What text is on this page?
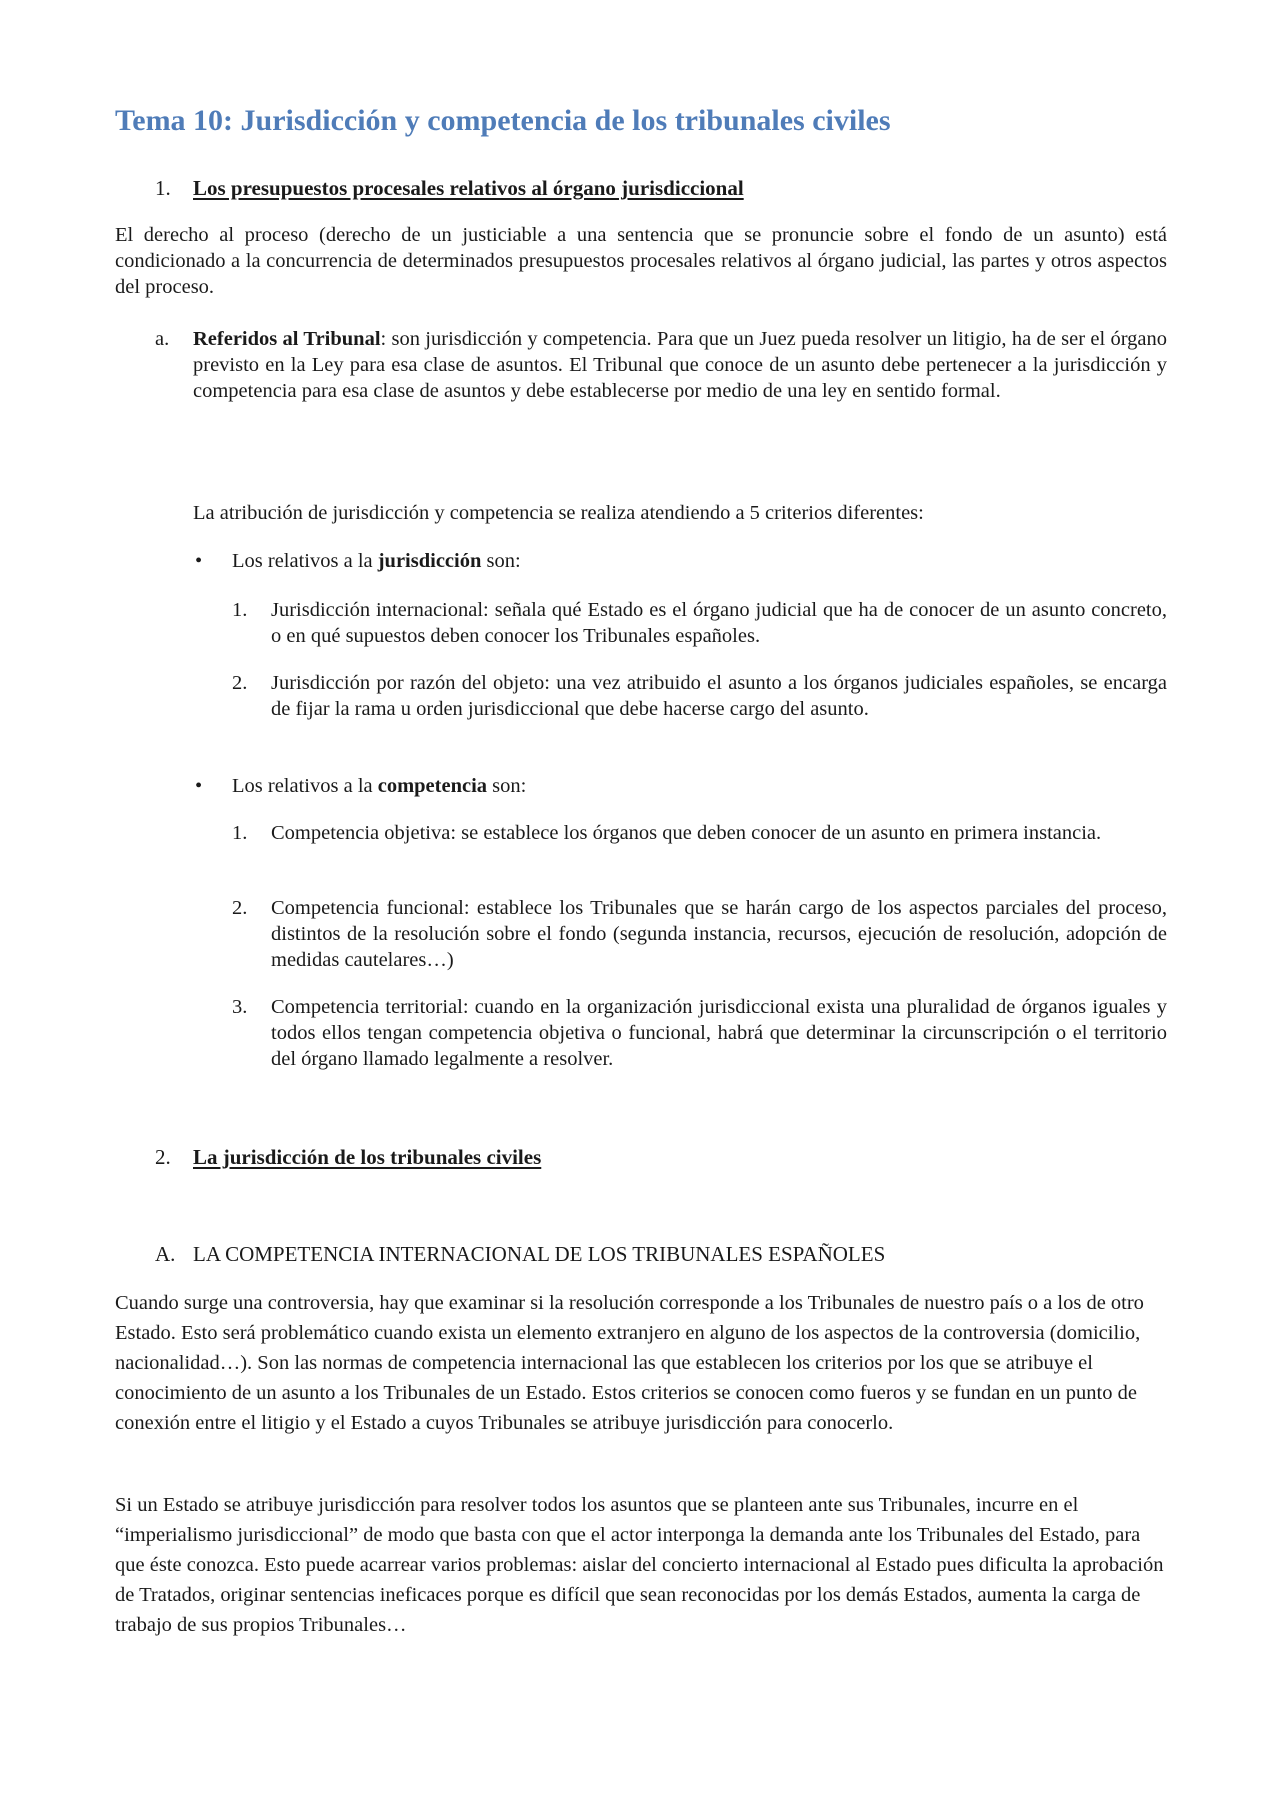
Tema 10: Jurisdicción y competencia de los tribunales civiles
1. Los presupuestos procesales relativos al órgano jurisdiccional

El derecho al proceso (derecho de un justiciable a una sentencia que se pronuncie sobre el fondo de un asunto) está condicionado a la concurrencia de determinados presupuestos procesales relativos al órgano judicial, las partes y otros aspectos del proceso.

a. Referidos al Tribunal: son jurisdicción y competencia. Para que un Juez pueda resolver un litigio, ha de ser el órgano previsto en la Ley para esa clase de asuntos. El Tribunal que conoce de un asunto debe pertenecer a la jurisdicción y competencia para esa clase de asuntos y debe establecerse por medio de una ley en sentido formal.

La atribución de jurisdicción y competencia se realiza atendiendo a 5 criterios diferentes:

• Los relativos a la jurisdicción son:

1. Jurisdicción internacional: señala qué Estado es el órgano judicial que ha de conocer de un asunto concreto, o en qué supuestos deben conocer los Tribunales españoles.

2. Jurisdicción por razón del objeto: una vez atribuido el asunto a los órganos judiciales españoles, se encarga de fijar la rama u orden jurisdiccional que debe hacerse cargo del asunto.

• Los relativos a la competencia son:

1. Competencia objetiva: se establece los órganos que deben conocer de un asunto en primera instancia.

2. Competencia funcional: establece los Tribunales que se harán cargo de los aspectos parciales del proceso, distintos de la resolución sobre el fondo (segunda instancia, recursos, ejecución de resolución, adopción de medidas cautelares…)

3. Competencia territorial: cuando en la organización jurisdiccional exista una pluralidad de órganos iguales y todos ellos tengan competencia objetiva o funcional, habrá que determinar la circunscripción o el territorio del órgano llamado legalmente a resolver.

2. La jurisdicción de los tribunales civiles
A. LA COMPETENCIA INTERNACIONAL DE LOS TRIBUNALES ESPAÑOLES

Cuando surge una controversia, hay que examinar si la resolución corresponde a los Tribunales de nuestro país o a los de otro Estado. Esto será problemático cuando exista un elemento extranjero en alguno de los aspectos de la controversia (domicilio, nacionalidad…). Son las normas de competencia internacional las que establecen los criterios por los que se atribuye el conocimiento de un asunto a los Tribunales de un Estado. Estos criterios se conocen como fueros y se fundan en un punto de conexión entre el litigio y el Estado a cuyos Tribunales se atribuye jurisdicción para conocerlo.

Si un Estado se atribuye jurisdicción para resolver todos los asuntos que se planteen ante sus Tribunales, incurre en el “imperialismo jurisdiccional” de modo que basta con que el actor interponga la demanda ante los Tribunales del Estado, para que éste conozca. Esto puede acarrear varios problemas: aislar del concierto internacional al Estado pues dificulta la aprobación de Tratados, originar sentencias ineficaces porque es difícil que sean reconocidas por los demás Estados, aumenta la carga de trabajo de sus propios Tribunales…
